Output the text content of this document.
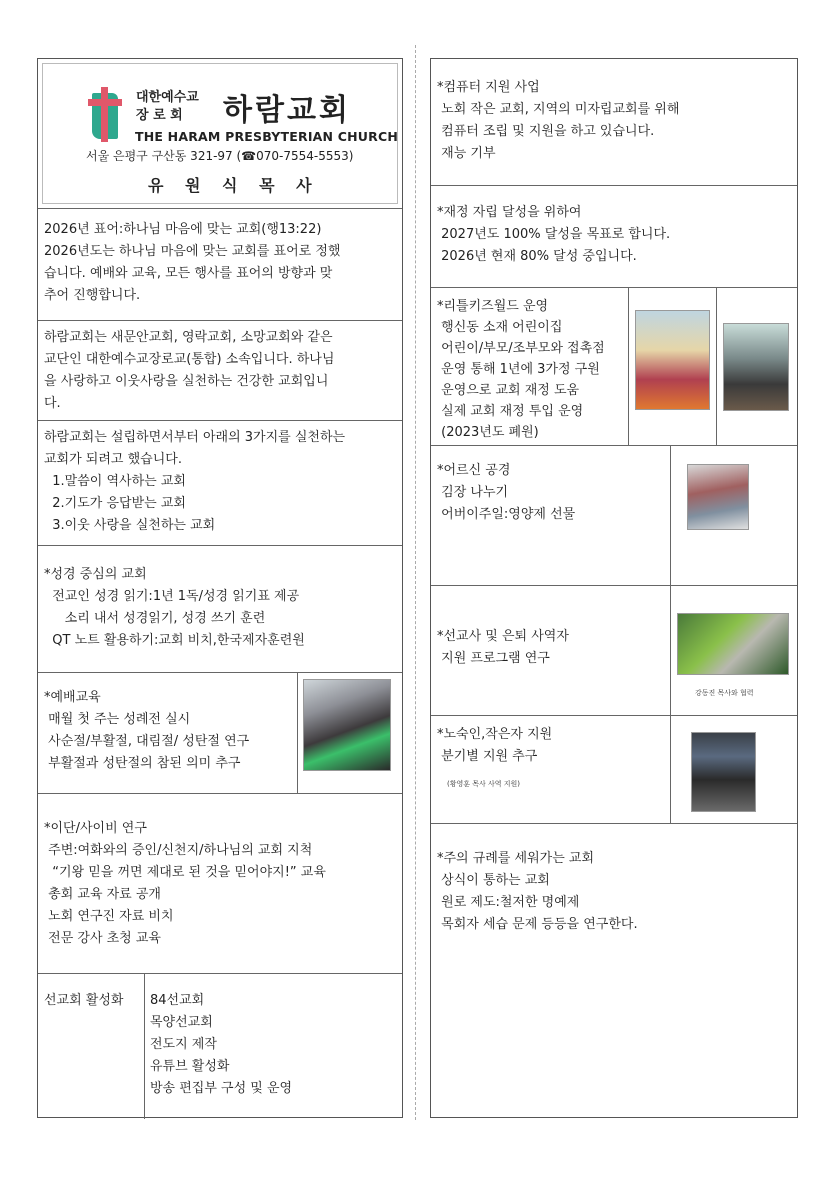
대한예수교
장 로 회	하람교회
THE HARAM PRESBYTERIAN CHURCH
서울 은평구 구산동 321-97 (☎070-7554-5553)
유 원 식 목 사
2026년 표어:하나님 마음에 맞는 교회(행13:22)
2026년도는 하나님 마음에 맞는 교회를 표어로 정했
습니다. 예배와 교육, 모든 행사를 표어의 방향과 맞
추어 진행합니다.
하람교회는 새문안교회, 영락교회, 소망교회와 같은
교단인 대한예수교장로교(통합) 소속입니다. 하나님
을 사랑하고 이웃사랑을 실천하는 건강한 교회입니
다.
하람교회는 설립하면서부터 아래의 3가지를 실천하는
교회가 되려고 했습니다.
1.말씀이 역사하는 교회
2.기도가 응답받는 교회
3.이웃 사랑을 실천하는 교회
*성경 중심의 교회
전교인 성경 읽기:1년 1독/성경 읽기표 제공
소리 내서 성경읽기, 성경 쓰기 훈련
QT 노트 활용하기:교회 비치,한국제자훈련원
*예배교육
매월 첫 주는 성례전 실시
사순절/부활절, 대림절/ 성탄절 연구
부활절과 성탄절의 참된 의미 추구
*이단/사이비 연구
주변:여화와의 증인/신천지/하나님의 교회 지척
“기왕 믿을 꺼면 제대로 된 것을 믿어야지!” 교육
총회 교육 자료 공개
노회 연구진 자료 비치
전문 강사 초청 교육
선교회 활성화 84선교회
목양선교회
전도지 제작
유튜브 활성화
방송 편집부 구성 및 운영
*컴퓨터 지원 사업
노회 작은 교회, 지역의 미자립교회를 위해
컴퓨터 조립 및 지원을 하고 있습니다.
재능 기부
*재정 자립 달성을 위하여
2027년도 100% 달성을 목표로 합니다.
2026년 현재 80% 달성 중입니다.
*리틀키즈월드 운영
행신동 소재 어린이집
어린이/부모/조부모와 접촉점
운영 통해 1년에 3가정 구원
운영으로 교회 재정 도움
실제 교회 재정 투입 운영
(2023년도 폐원)
*어르신 공경
김장 나누기
어버이주일:영양제 선물
*선교사 및 은퇴 사역자
지원 프로그램 연구
강동진 목사와 협력
*노숙인,작은자 지원
분기별 지원 추구
(황영훈 목사 사역 지원)
*주의 규례를 세워가는 교회
상식이 통하는 교회
원로 제도:철저한 명예제
목회자 세습 문제 등등을 연구한다.
